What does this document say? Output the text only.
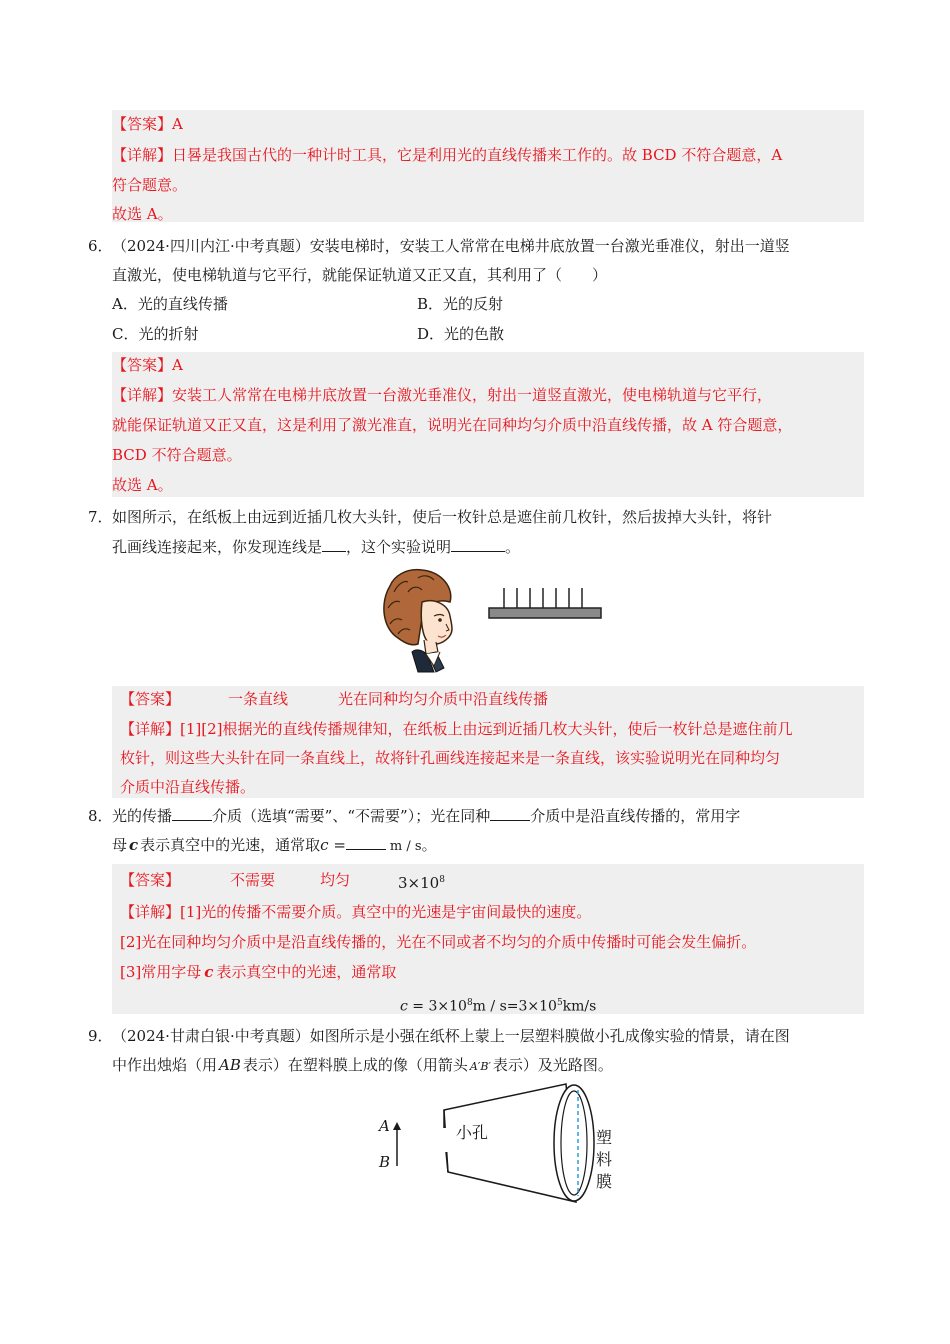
【答案】A
【详解】日晷是我国古代的一种计时工具，它是利用光的直线传播来工作的。故 BCD 不符合题意，A
符合题意。
故选 A。
6． （2024·四川内江·中考真题）安装电梯时，安装工人常常在电梯井底放置一台激光垂准仪，射出一道竖
直激光，使电梯轨道与它平行，就能保证轨道又正又直，其利用了（　　）
A．光的直线传播	B．光的反射
C．光的折射	D．光的色散
【答案】A
【详解】安装工人常常在电梯井底放置一台激光垂准仪，射出一道竖直激光，使电梯轨道与它平行，
就能保证轨道又正又直，这是利用了激光准直，说明光在同种均匀介质中沿直线传播，故 A 符合题意，
BCD 不符合题意。
故选 A。
7． 如图所示，在纸板上由远到近插几枚大头针，使后一枚针总是遮住前几枚针，然后拔掉大头针，将针
孔画线连接起来，你发现连线是 ，这个实验说明	。
【答案】	一条直线	光在同种均匀介质中沿直线传播
【详解】[1][2]根据光的直线传播规律知，在纸板上由远到近插几枚大头针，使后一枚针总是遮住前几
枚针，则这些大头针在同一条直线上，故将针孔画线连接起来是一条直线，该实验说明光在同种均匀
介质中沿直线传播。
8． 光的传播	介质（选填“需要”、“不需要”）；光在同种	介质中是沿直线传播的，常用字
母 c 表示真空中的光速，通常取c =	m / s。
【答案】	不需要	均匀	$3\times 10^8$
【详解】[1]光的传播不需要介质。真空中的光速是宇宙间最快的速度。
[2]光在同种均匀介质中是沿直线传播的，光在不同或者不均匀的介质中传播时可能会发生偏折。
[3]常用字母 c 表示真空中的光速，通常取
$c = 3\times 10^8m / s=3\times 10^5km/s$
9． （2024·甘肃白银·中考真题）如图所示是小强在纸杯上蒙上一层塑料膜做小孔成像实验的情景，请在图
中作出烛焰（用 AB 表示）在塑料膜上成的像（用箭头 A′B′ 表示）及光路图。
A
B
小孔	塑料膜
